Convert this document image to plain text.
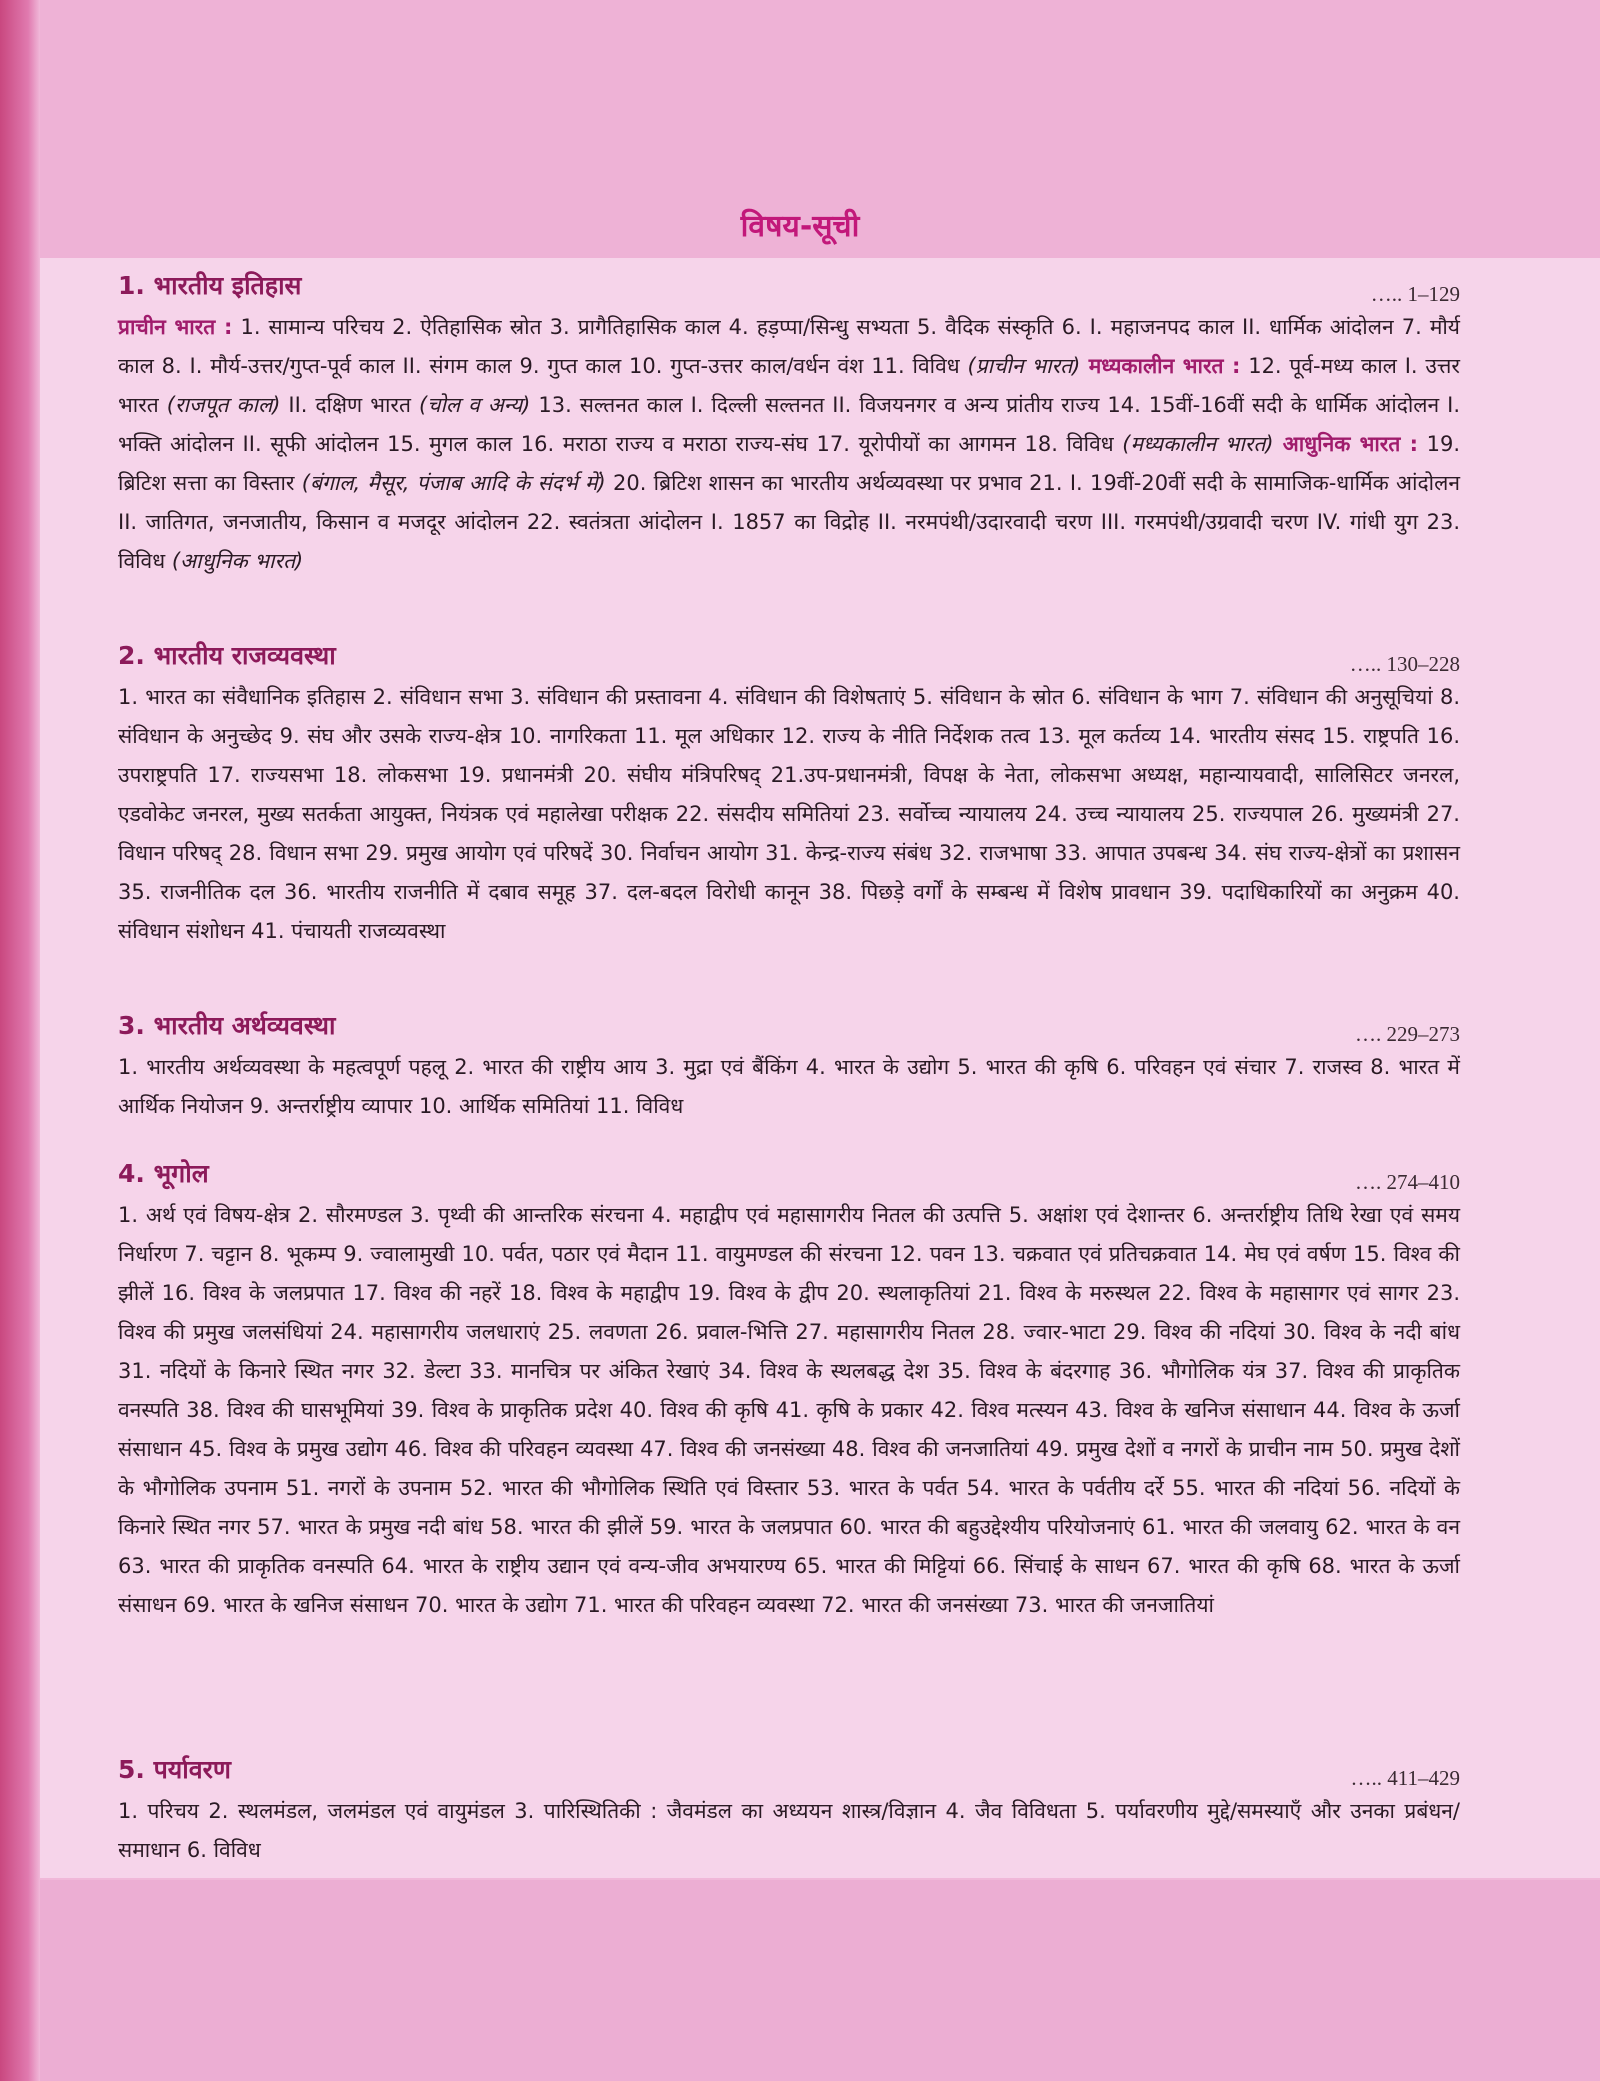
विषय-सूची
1. भारतीय इतिहास	….. 1–129

प्राचीन भारत : 1. सामान्य परिचय 2. ऐतिहासिक स्रोत 3. प्रागैतिहासिक काल 4. हड़प्पा/सिन्धु सभ्यता 5. वैदिक संस्कृति 6. I. महाजनपद काल II. धार्मिक आंदोलन 7. मौर्य काल 8. I. मौर्य-उत्तर/गुप्त-पूर्व काल II. संगम काल 9. गुप्त काल 10. गुप्त-उत्तर काल/वर्धन वंश 11. विविध (प्राचीन भारत) मध्यकालीन भारत : 12. पूर्व-मध्य काल I. उत्तर भारत (राजपूत काल) II. दक्षिण भारत (चोल व अन्य) 13. सल्तनत काल I. दिल्ली सल्तनत II. विजयनगर व अन्य प्रांतीय राज्य 14. 15वीं-16वीं सदी के धार्मिक आंदोलन I. भक्ति आंदोलन II. सूफी आंदोलन 15. मुगल काल 16. मराठा राज्य व मराठा राज्य-संघ 17. यूरोपीयों का आगमन 18. विविध (मध्यकालीन भारत) आधुनिक भारत : 19. ब्रिटिश सत्ता का विस्तार (बंगाल, मैसूर, पंजाब आदि के संदर्भ में) 20. ब्रिटिश शासन का भारतीय अर्थव्यवस्था पर प्रभाव 21. I. 19वीं-20वीं सदी के सामाजिक-धार्मिक आंदोलन II. जातिगत, जनजातीय, किसान व मजदूर आंदोलन 22. स्वतंत्रता आंदोलन I. 1857 का विद्रोह II. नरमपंथी/उदारवादी चरण III. गरमपंथी/उग्रवादी चरण IV. गांधी युग 23. विविध (आधुनिक भारत)

2. भारतीय राजव्यवस्था	….. 130–228

1. भारत का संवैधानिक इतिहास 2. संविधान सभा 3. संविधान की प्रस्तावना 4. संविधान की विशेषताएं 5. संविधान के स्रोत 6. संविधान के भाग 7. संविधान की अनुसूचियां 8. संविधान के अनुच्छेद 9. संघ और उसके राज्य-क्षेत्र 10. नागरिकता 11. मूल अधिकार 12. राज्य के नीति निर्देशक तत्व 13. मूल कर्तव्य 14. भारतीय संसद 15. राष्ट्रपति 16. उपराष्ट्रपति 17. राज्यसभा 18. लोकसभा 19. प्रधानमंत्री 20. संघीय मंत्रिपरिषद् 21.उप-प्रधानमंत्री, विपक्ष के नेता, लोकसभा अध्यक्ष, महान्यायवादी, सालिसिटर जनरल, एडवोकेट जनरल, मुख्य सतर्कता आयुक्त, नियंत्रक एवं महालेखा परीक्षक 22. संसदीय समितियां 23. सर्वोच्च न्यायालय 24. उच्च न्यायालय 25. राज्यपाल 26. मुख्यमंत्री 27. विधान परिषद् 28. विधान सभा 29. प्रमुख आयोग एवं परिषदें 30. निर्वाचन आयोग 31. केन्द्र-राज्य संबंध 32. राजभाषा 33. आपात उपबन्ध 34. संघ राज्य-क्षेत्रों का प्रशासन 35. राजनीतिक दल 36. भारतीय राजनीति में दबाव समूह 37. दल-बदल विरोधी कानून 38. पिछड़े वर्गों के सम्बन्ध में विशेष प्रावधान 39. पदाधिकारियों का अनुक्रम 40. संविधान संशोधन 41. पंचायती राजव्यवस्था

3. भारतीय अर्थव्यवस्था	…. 229–273

1. भारतीय अर्थव्यवस्था के महत्वपूर्ण पहलू 2. भारत की राष्ट्रीय आय 3. मुद्रा एवं बैंकिंग 4. भारत के उद्योग 5. भारत की कृषि 6. परिवहन एवं संचार 7. राजस्व 8. भारत में आर्थिक नियोजन 9. अन्तर्राष्ट्रीय व्यापार 10. आर्थिक समितियां 11. विविध

4. भूगोल	…. 274–410

1. अर्थ एवं विषय-क्षेत्र 2. सौरमण्डल 3. पृथ्वी की आन्तरिक संरचना 4. महाद्वीप एवं महासागरीय नितल की उत्पत्ति 5. अक्षांश एवं देशान्तर 6. अन्तर्राष्ट्रीय तिथि रेखा एवं समय निर्धारण 7. चट्टान 8. भूकम्प 9. ज्वालामुखी 10. पर्वत, पठार एवं मैदान 11. वायुमण्डल की संरचना 12. पवन 13. चक्रवात एवं प्रतिचक्रवात 14. मेघ एवं वर्षण 15. विश्व की झीलें 16. विश्व के जलप्रपात 17. विश्व की नहरें 18. विश्व के महाद्वीप 19. विश्व के द्वीप 20. स्थलाकृतियां 21. विश्व के मरुस्थल 22. विश्व के महासागर एवं सागर 23. विश्व की प्रमुख जलसंधियां 24. महासागरीय जलधाराएं 25. लवणता 26. प्रवाल-भित्ति 27. महासागरीय नितल 28. ज्वार-भाटा 29. विश्व की नदियां 30. विश्व के नदी बांध 31. नदियों के किनारे स्थित नगर 32. डेल्टा 33. मानचित्र पर अंकित रेखाएं 34. विश्व के स्थलबद्ध देश 35. विश्व के बंदरगाह 36. भौगोलिक यंत्र 37. विश्व की प्राकृतिक वनस्पति 38. विश्व की घासभूमियां 39. विश्व के प्राकृतिक प्रदेश 40. विश्व की कृषि 41. कृषि के प्रकार 42. विश्व मत्स्यन 43. विश्व के खनिज संसाधान 44. विश्व के ऊर्जा संसाधान 45. विश्व के प्रमुख उद्योग 46. विश्व की परिवहन व्यवस्था 47. विश्व की जनसंख्या 48. विश्व की जनजातियां 49. प्रमुख देशों व नगरों के प्राचीन नाम 50. प्रमुख देशों के भौगोलिक उपनाम 51. नगरों के उपनाम 52. भारत की भौगोलिक स्थिति एवं विस्तार 53. भारत के पर्वत 54. भारत के पर्वतीय दर्रे 55. भारत की नदियां 56. नदियों के किनारे स्थित नगर 57. भारत के प्रमुख नदी बांध 58. भारत की झीलें 59. भारत के जलप्रपात 60. भारत की बहुउद्देश्यीय परियोजनाएं 61. भारत की जलवायु 62. भारत के वन 63. भारत की प्राकृतिक वनस्पति 64. भारत के राष्ट्रीय उद्यान एवं वन्य-जीव अभयारण्य 65. भारत की मिट्टियां 66. सिंचाई के साधन 67. भारत की कृषि 68. भारत के ऊर्जा संसाधन 69. भारत के खनिज संसाधन 70. भारत के उद्योग 71. भारत की परिवहन व्यवस्था 72. भारत की जनसंख्या 73. भारत की जनजातियां

5. पर्यावरण	….. 411–429

1. परिचय 2. स्थलमंडल, जलमंडल एवं वायुमंडल 3. पारिस्थितिकी : जैवमंडल का अध्ययन शास्त्र/विज्ञान 4. जैव विविधता 5. पर्यावरणीय मुद्दे/समस्याएँ और उनका प्रबंधन/समाधान 6. विविध
